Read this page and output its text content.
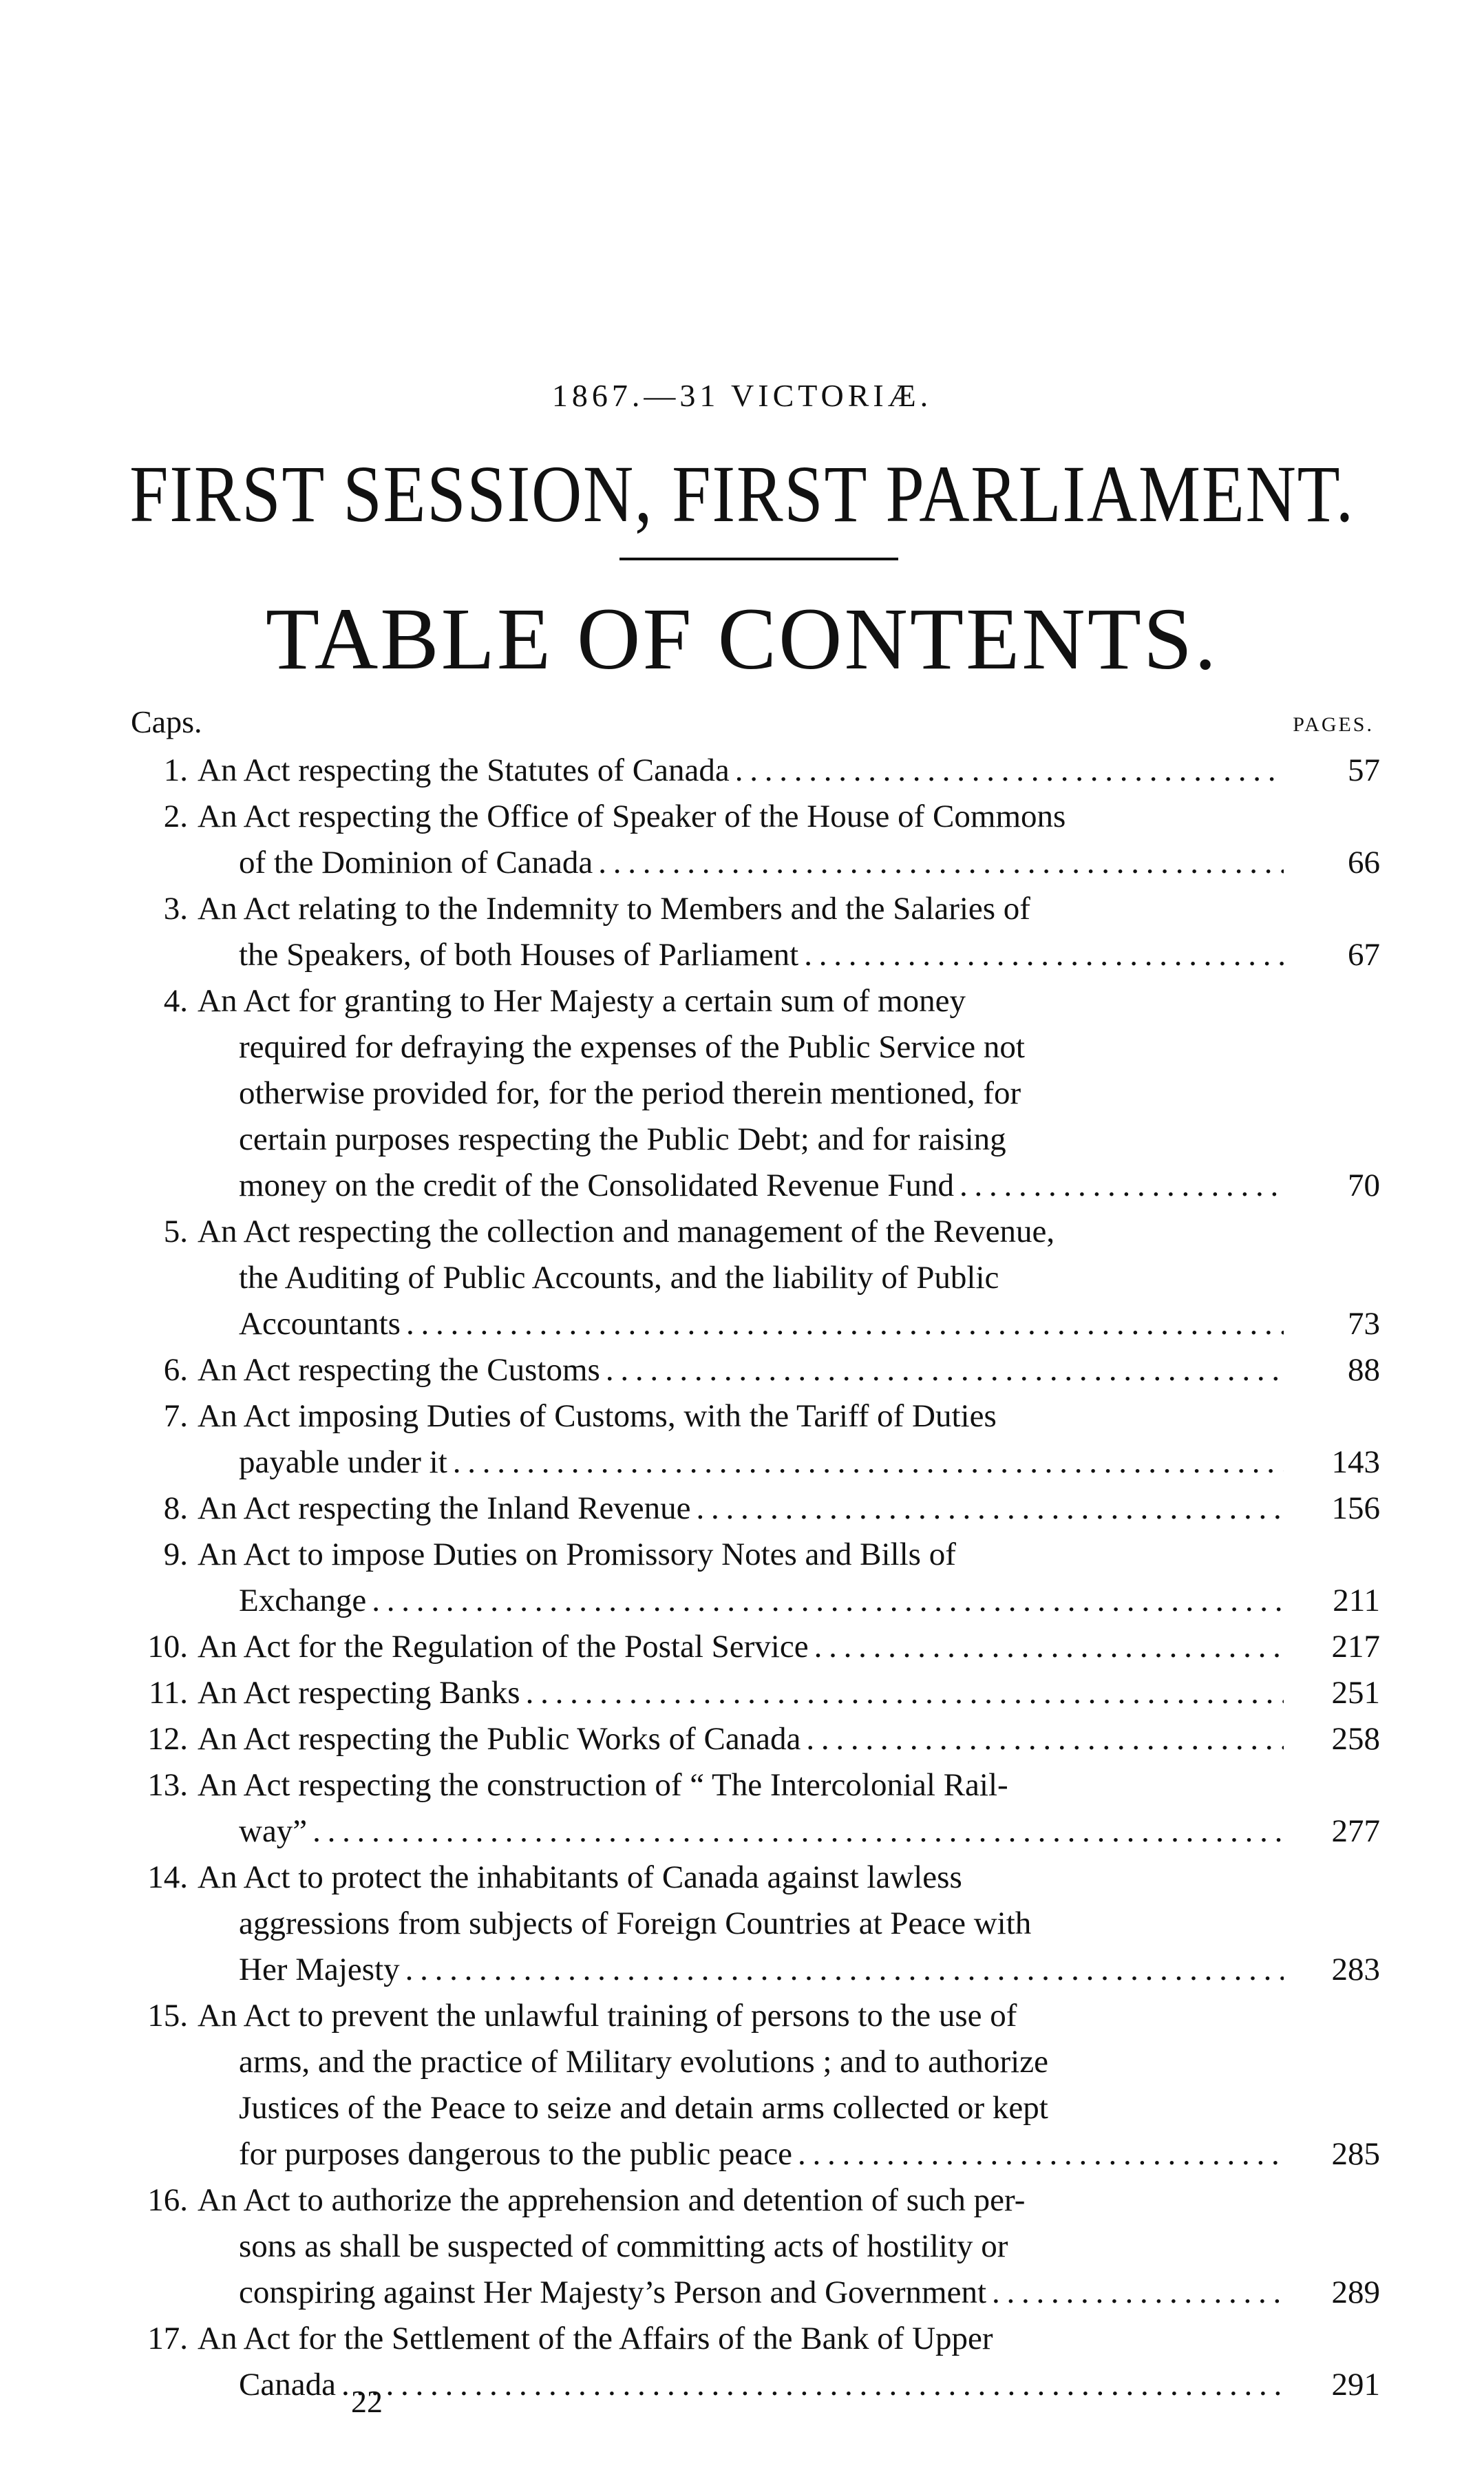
1867.—31 VICTORIÆ.
FIRST SESSION, FIRST PARLIAMENT.
TABLE OF CONTENTS.
Caps.	PAGES.
1. An Act respecting the Statutes of Canada . . .	57
2. An Act respecting the Office of Speaker of the House of Commons
of the Dominion of Canada . . .	66
3. An Act relating to the Indemnity to Members and the Salaries of
the Speakers, of both Houses of Parliament . . .	67
4. An Act for granting to Her Majesty a certain sum of money
required for defraying the expenses of the Public Service not
otherwise provided for, for the period therein mentioned, for
certain purposes respecting the Public Debt; and for raising
money on the credit of the Consolidated Revenue Fund . . .	70
5. An Act respecting the collection and management of the Revenue,
the Auditing of Public Accounts, and the liability of Public
Accountants . . .	73
6. An Act respecting the Customs . . .	88
7. An Act imposing Duties of Customs, with the Tariff of Duties
payable under it . . .	143
8. An Act respecting the Inland Revenue . . .	156
9. An Act to impose Duties on Promissory Notes and Bills of
Exchange . . .	211
10. An Act for the Regulation of the Postal Service . . .	217
11. An Act respecting Banks . . .	251
12. An Act respecting the Public Works of Canada . . .	258
13. An Act respecting the construction of “ The Intercolonial Rail-
way” . . .	277
14. An Act to protect the inhabitants of Canada against lawless
aggressions from subjects of Foreign Countries at Peace with
Her Majesty . . .	283
15. An Act to prevent the unlawful training of persons to the use of
arms, and the practice of Military evolutions ; and to authorize
Justices of the Peace to seize and detain arms collected or kept
for purposes dangerous to the public peace . . .	285
16. An Act to authorize the apprehension and detention of such per-
sons as shall be suspected of committing acts of hostility or
conspiring against Her Majesty’s Person and Government . . .	289
17. An Act for the Settlement of the Affairs of the Bank of Upper
Canada . . .	291
22
